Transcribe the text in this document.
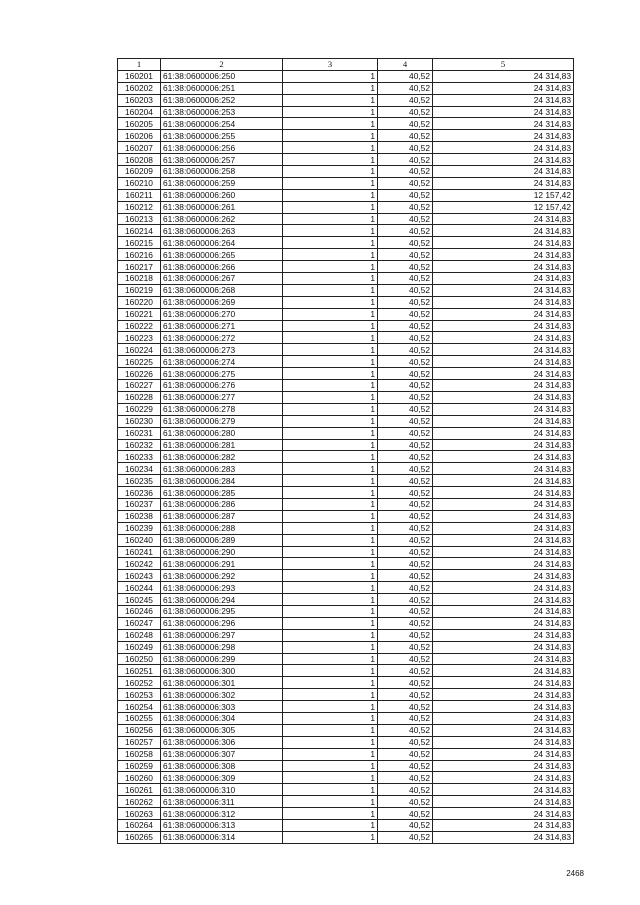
1	2	3	4	5
160201	61:38:0600006:250	1	40,52	24 314,83
160202	61:38:0600006:251	1	40,52	24 314,83
160203	61:38:0600006:252	1	40,52	24 314,83
160204	61:38:0600006:253	1	40,52	24 314,83
160205	61:38:0600006:254	1	40,52	24 314,83
160206	61:38:0600006:255	1	40,52	24 314,83
160207	61:38:0600006:256	1	40,52	24 314,83
160208	61:38:0600006:257	1	40,52	24 314,83
160209	61:38:0600006:258	1	40,52	24 314,83
160210	61:38:0600006:259	1	40,52	24 314,83
160211	61:38:0600006:260	1	40,52	12 157,42
160212	61:38:0600006:261	1	40,52	12 157,42
160213	61:38:0600006:262	1	40,52	24 314,83
160214	61:38:0600006:263	1	40,52	24 314,83
160215	61:38:0600006:264	1	40,52	24 314,83
160216	61:38:0600006:265	1	40,52	24 314,83
160217	61:38:0600006:266	1	40,52	24 314,83
160218	61:38:0600006:267	1	40,52	24 314,83
160219	61:38:0600006:268	1	40,52	24 314,83
160220	61:38:0600006:269	1	40,52	24 314,83
160221	61:38:0600006:270	1	40,52	24 314,83
160222	61:38:0600006:271	1	40,52	24 314,83
160223	61:38:0600006:272	1	40,52	24 314,83
160224	61:38:0600006:273	1	40,52	24 314,83
160225	61:38:0600006:274	1	40,52	24 314,83
160226	61:38:0600006:275	1	40,52	24 314,83
160227	61:38:0600006:276	1	40,52	24 314,83
160228	61:38:0600006:277	1	40,52	24 314,83
160229	61:38:0600006:278	1	40,52	24 314,83
160230	61:38:0600006:279	1	40,52	24 314,83
160231	61:38:0600006:280	1	40,52	24 314,83
160232	61:38:0600006:281	1	40,52	24 314,83
160233	61:38:0600006:282	1	40,52	24 314,83
160234	61:38:0600006:283	1	40,52	24 314,83
160235	61:38:0600006:284	1	40,52	24 314,83
160236	61:38:0600006:285	1	40,52	24 314,83
160237	61:38:0600006:286	1	40,52	24 314,83
160238	61:38:0600006:287	1	40,52	24 314,83
160239	61:38:0600006:288	1	40,52	24 314,83
160240	61:38:0600006:289	1	40,52	24 314,83
160241	61:38:0600006:290	1	40,52	24 314,83
160242	61:38:0600006:291	1	40,52	24 314,83
160243	61:38:0600006:292	1	40,52	24 314,83
160244	61:38:0600006:293	1	40,52	24 314,83
160245	61:38:0600006:294	1	40,52	24 314,83
160246	61:38:0600006:295	1	40,52	24 314,83
160247	61:38:0600006:296	1	40,52	24 314,83
160248	61:38:0600006:297	1	40,52	24 314,83
160249	61:38:0600006:298	1	40,52	24 314,83
160250	61:38:0600006:299	1	40,52	24 314,83
160251	61:38:0600006:300	1	40,52	24 314,83
160252	61:38:0600006:301	1	40,52	24 314,83
160253	61:38:0600006:302	1	40,52	24 314,83
160254	61:38:0600006:303	1	40,52	24 314,83
160255	61:38:0600006:304	1	40,52	24 314,83
160256	61:38:0600006:305	1	40,52	24 314,83
160257	61:38:0600006:306	1	40,52	24 314,83
160258	61:38:0600006:307	1	40,52	24 314,83
160259	61:38:0600006:308	1	40,52	24 314,83
160260	61:38:0600006:309	1	40,52	24 314,83
160261	61:38:0600006:310	1	40,52	24 314,83
160262	61:38:0600006:311	1	40,52	24 314,83
160263	61:38:0600006:312	1	40,52	24 314,83
160264	61:38:0600006:313	1	40,52	24 314,83
160265	61:38:0600006:314	1	40,52	24 314,83
2468
